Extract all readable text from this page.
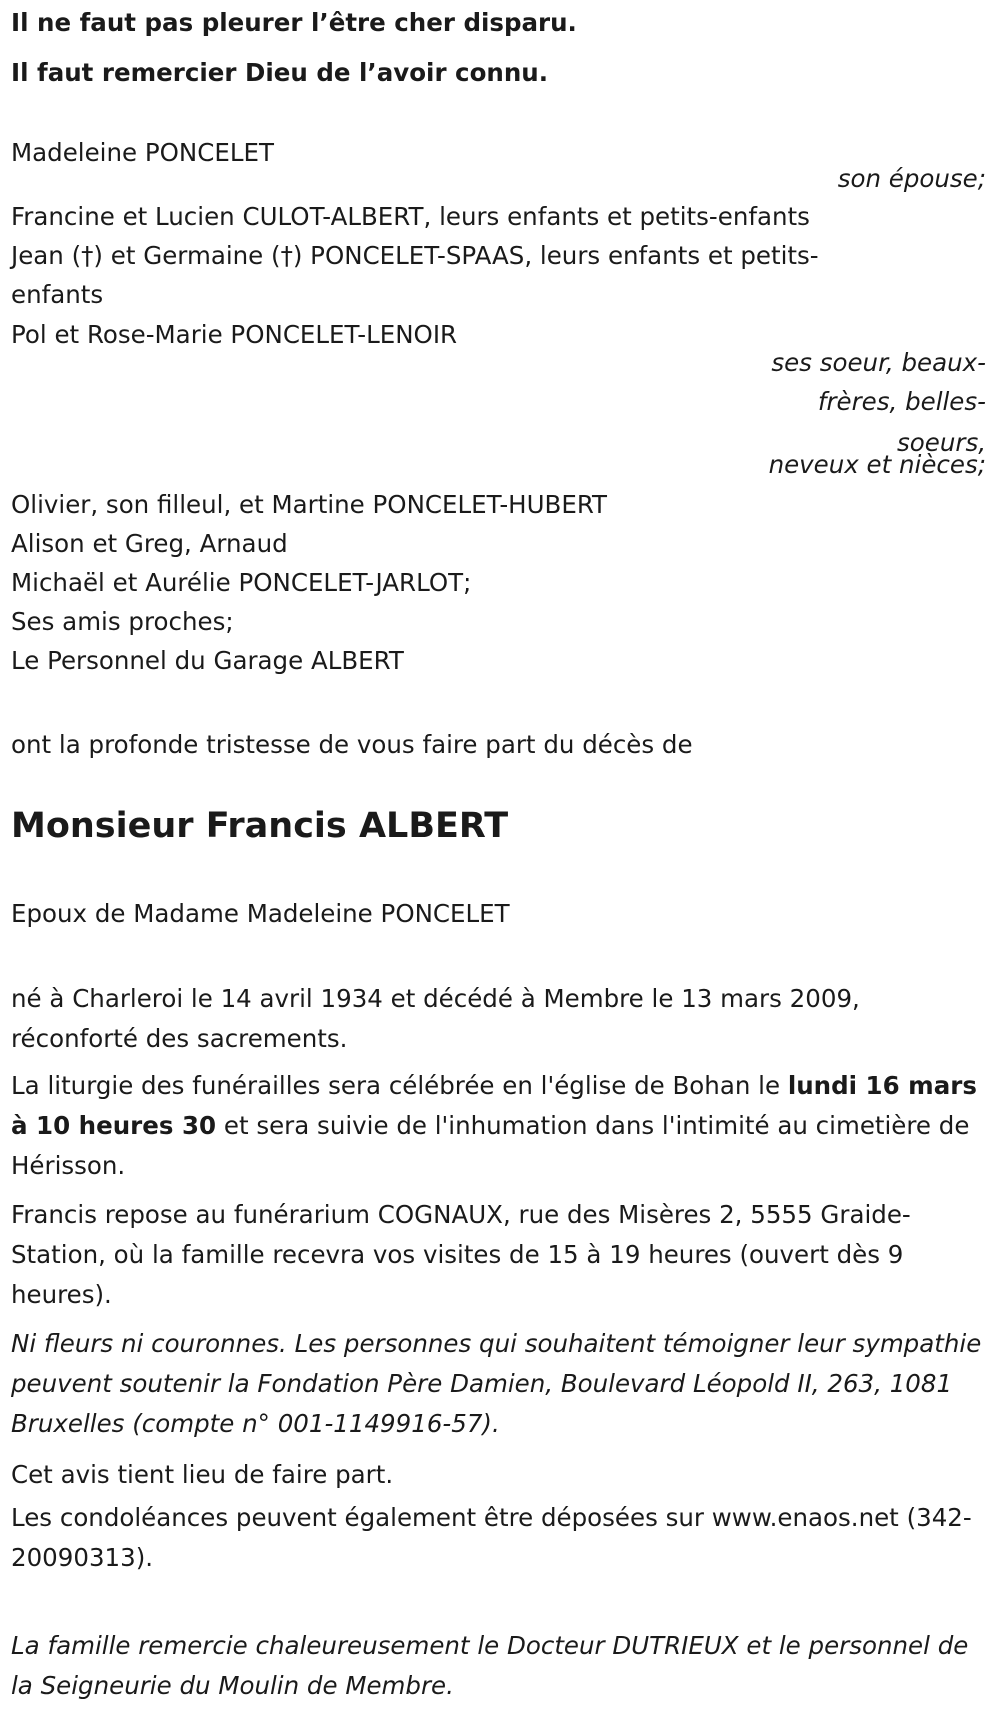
Il ne faut pas pleurer l’être cher disparu.
Il faut remercier Dieu de l’avoir connu.
Madeleine PONCELET
son épouse;
Francine et Lucien CULOT-ALBERT, leurs enfants et petits-enfants
Jean (†) et Germaine (†) PONCELET-SPAAS, leurs enfants et petits-
enfants
Pol et Rose-Marie PONCELET-LENOIR
ses soeur, beaux-
frères, belles-
soeurs,
neveux et nièces;
Olivier, son filleul, et Martine PONCELET-HUBERT
Alison et Greg, Arnaud
Michaël et Aurélie PONCELET-JARLOT;
Ses amis proches;
Le Personnel du Garage ALBERT
ont la profonde tristesse de vous faire part du décès de
Monsieur Francis ALBERT
Epoux de Madame Madeleine PONCELET
né à Charleroi le 14 avril 1934 et décédé à Membre le 13 mars 2009, réconforté des sacrements.
La liturgie des funérailles sera célébrée en l'église de Bohan le lundi 16 mars à 10 heures 30 et sera suivie de l'inhumation dans l'intimité au cimetière de Hérisson.
Francis repose au funérarium COGNAUX, rue des Misères 2, 5555 Graide-Station, où la famille recevra vos visites de 15 à 19 heures (ouvert dès 9 heures).
Ni fleurs ni couronnes. Les personnes qui souhaitent témoigner leur sympathie peuvent soutenir la Fondation Père Damien, Boulevard Léopold II, 263, 1081 Bruxelles (compte n° 001-1149916-57).
Cet avis tient lieu de faire part.
Les condoléances peuvent également être déposées sur www.enaos.net (342-20090313).
La famille remercie chaleureusement le Docteur DUTRIEUX et le personnel de la Seigneurie du Moulin de Membre.
